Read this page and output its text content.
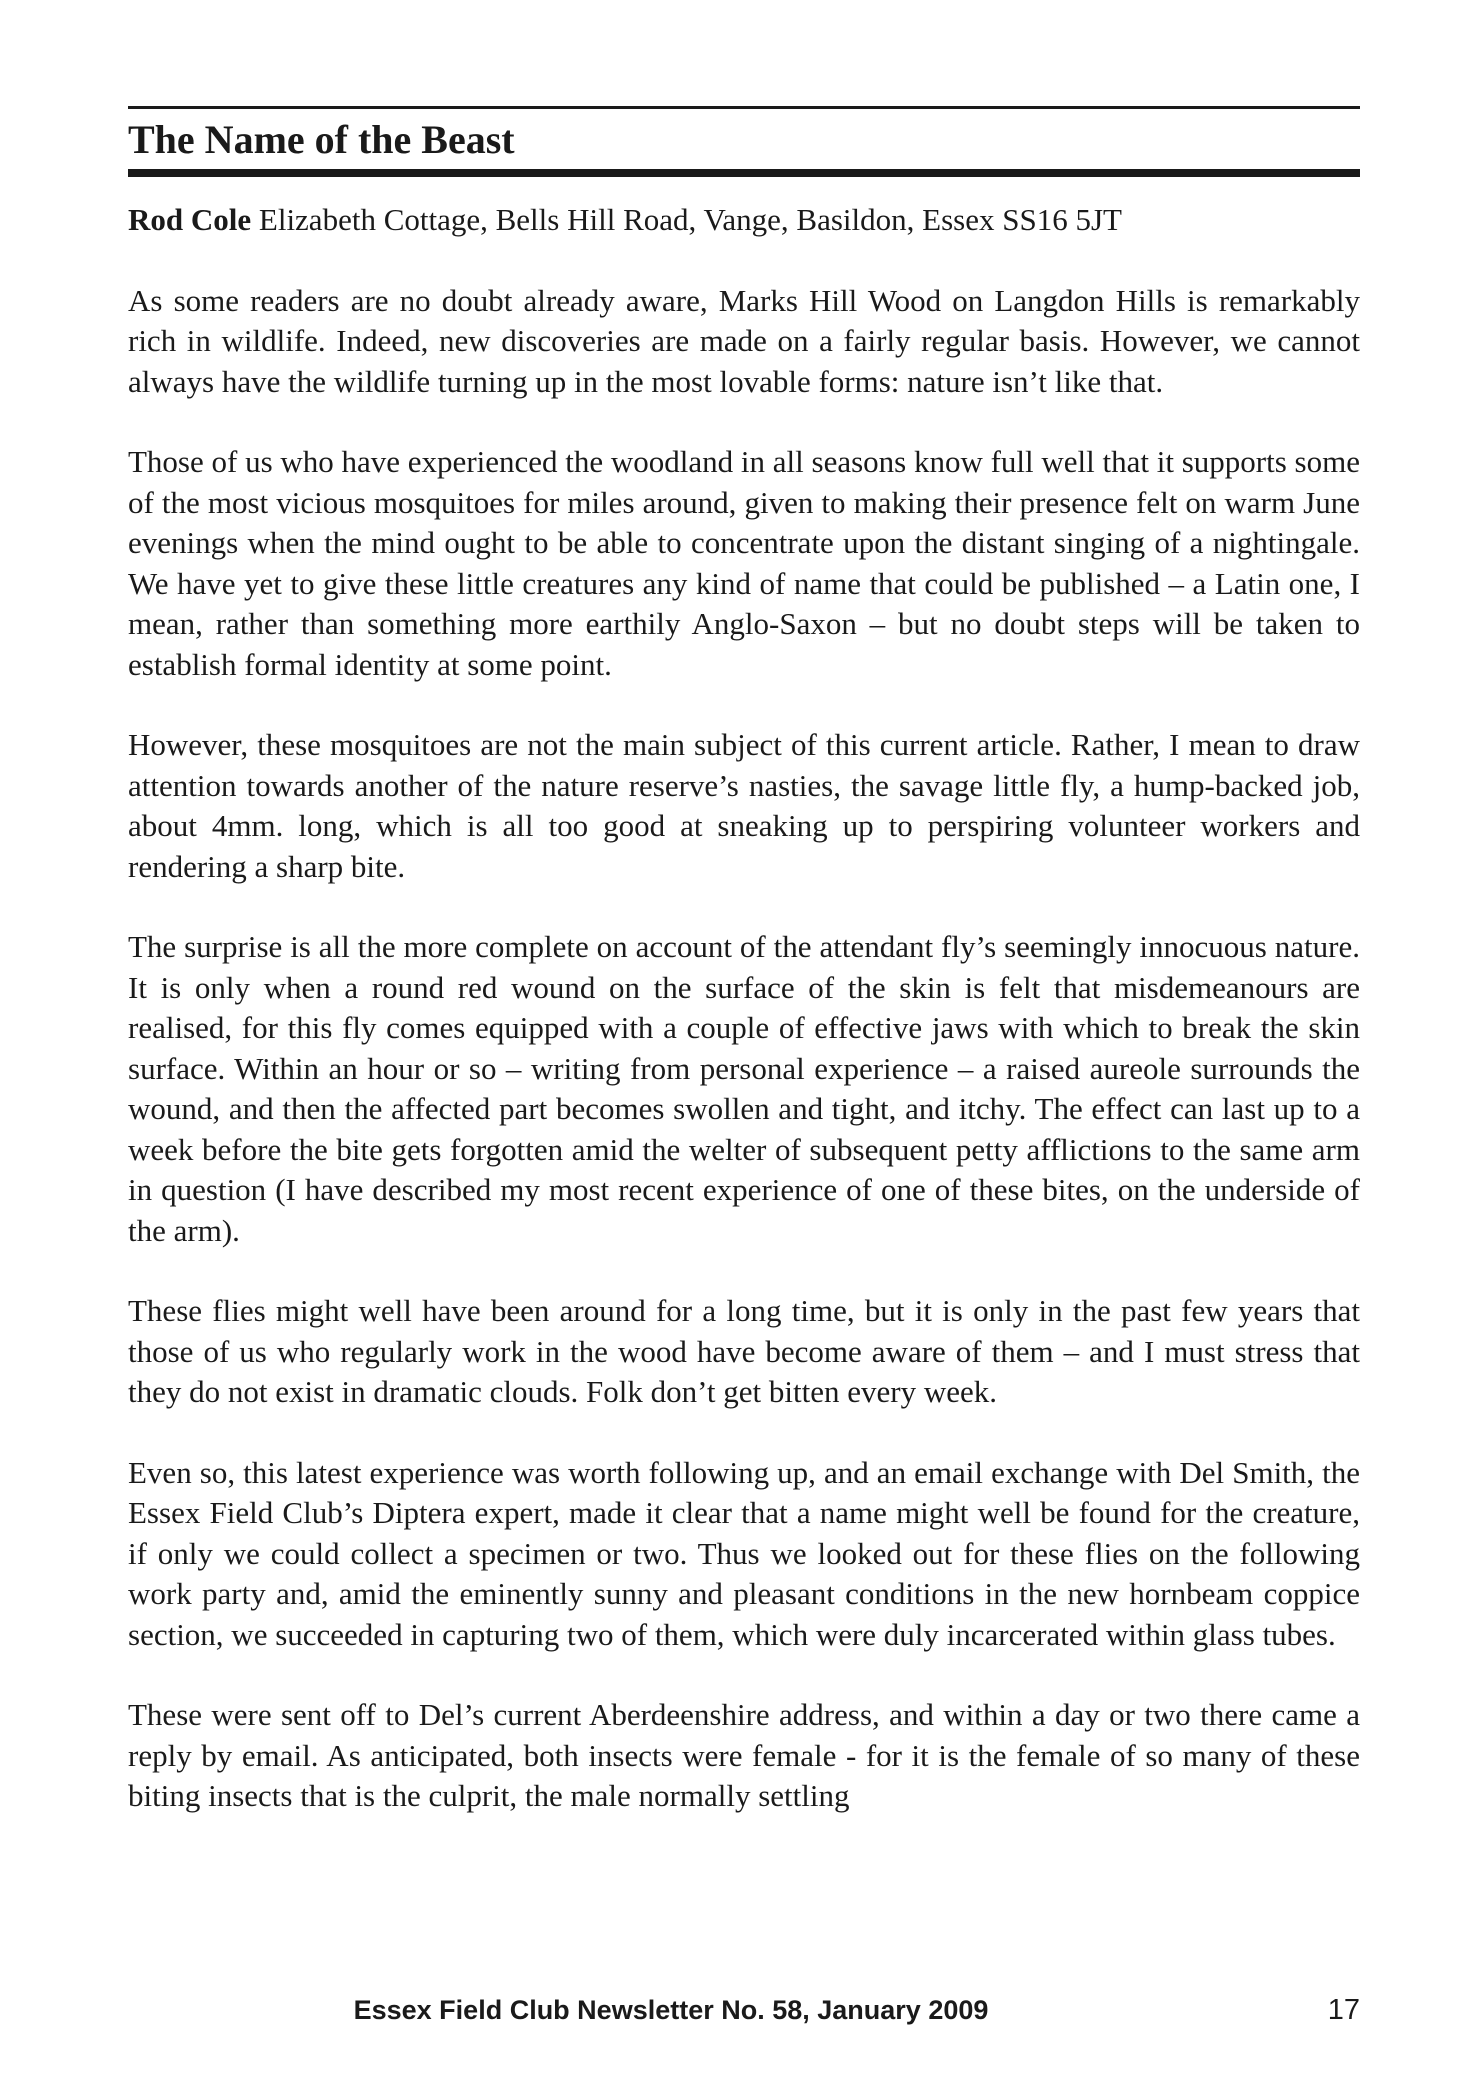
The Name of the Beast

Rod Cole Elizabeth Cottage, Bells Hill Road, Vange, Basildon, Essex SS16 5JT

As some readers are no doubt already aware, Marks Hill Wood on Langdon Hills is remarkably rich in wildlife. Indeed, new discoveries are made on a fairly regular basis. However, we cannot always have the wildlife turning up in the most lovable forms: nature isn’t like that.

Those of us who have experienced the woodland in all seasons know full well that it supports some of the most vicious mosquitoes for miles around, given to making their presence felt on warm June evenings when the mind ought to be able to concentrate upon the distant singing of a nightingale. We have yet to give these little creatures any kind of name that could be published – a Latin one, I mean, rather than something more earthily Anglo-Saxon – but no doubt steps will be taken to establish formal identity at some point.

However, these mosquitoes are not the main subject of this current article. Rather, I mean to draw attention towards another of the nature reserve’s nasties, the savage little fly, a hump-backed job, about 4mm. long, which is all too good at sneaking up to perspiring volunteer workers and rendering a sharp bite.

The surprise is all the more complete on account of the attendant fly’s seemingly innocuous nature. It is only when a round red wound on the surface of the skin is felt that misdemeanours are realised, for this fly comes equipped with a couple of effective jaws with which to break the skin surface. Within an hour or so – writing from personal experience – a raised aureole surrounds the wound, and then the affected part becomes swollen and tight, and itchy. The effect can last up to a week before the bite gets forgotten amid the welter of subsequent petty afflictions to the same arm in question (I have described my most recent experience of one of these bites, on the underside of the arm).

These flies might well have been around for a long time, but it is only in the past few years that those of us who regularly work in the wood have become aware of them – and I must stress that they do not exist in dramatic clouds. Folk don’t get bitten every week.

Even so, this latest experience was worth following up, and an email exchange with Del Smith, the Essex Field Club’s Diptera expert, made it clear that a name might well be found for the creature, if only we could collect a specimen or two. Thus we looked out for these flies on the following work party and, amid the eminently sunny and pleasant conditions in the new hornbeam coppice section, we succeeded in capturing two of them, which were duly incarcerated within glass tubes.

These were sent off to Del’s current Aberdeenshire address, and within a day or two there came a reply by email. As anticipated, both insects were female - for it is the female of so many of these biting insects that is the culprit, the male normally settling

Essex Field Club Newsletter No. 58, January 2009	17
